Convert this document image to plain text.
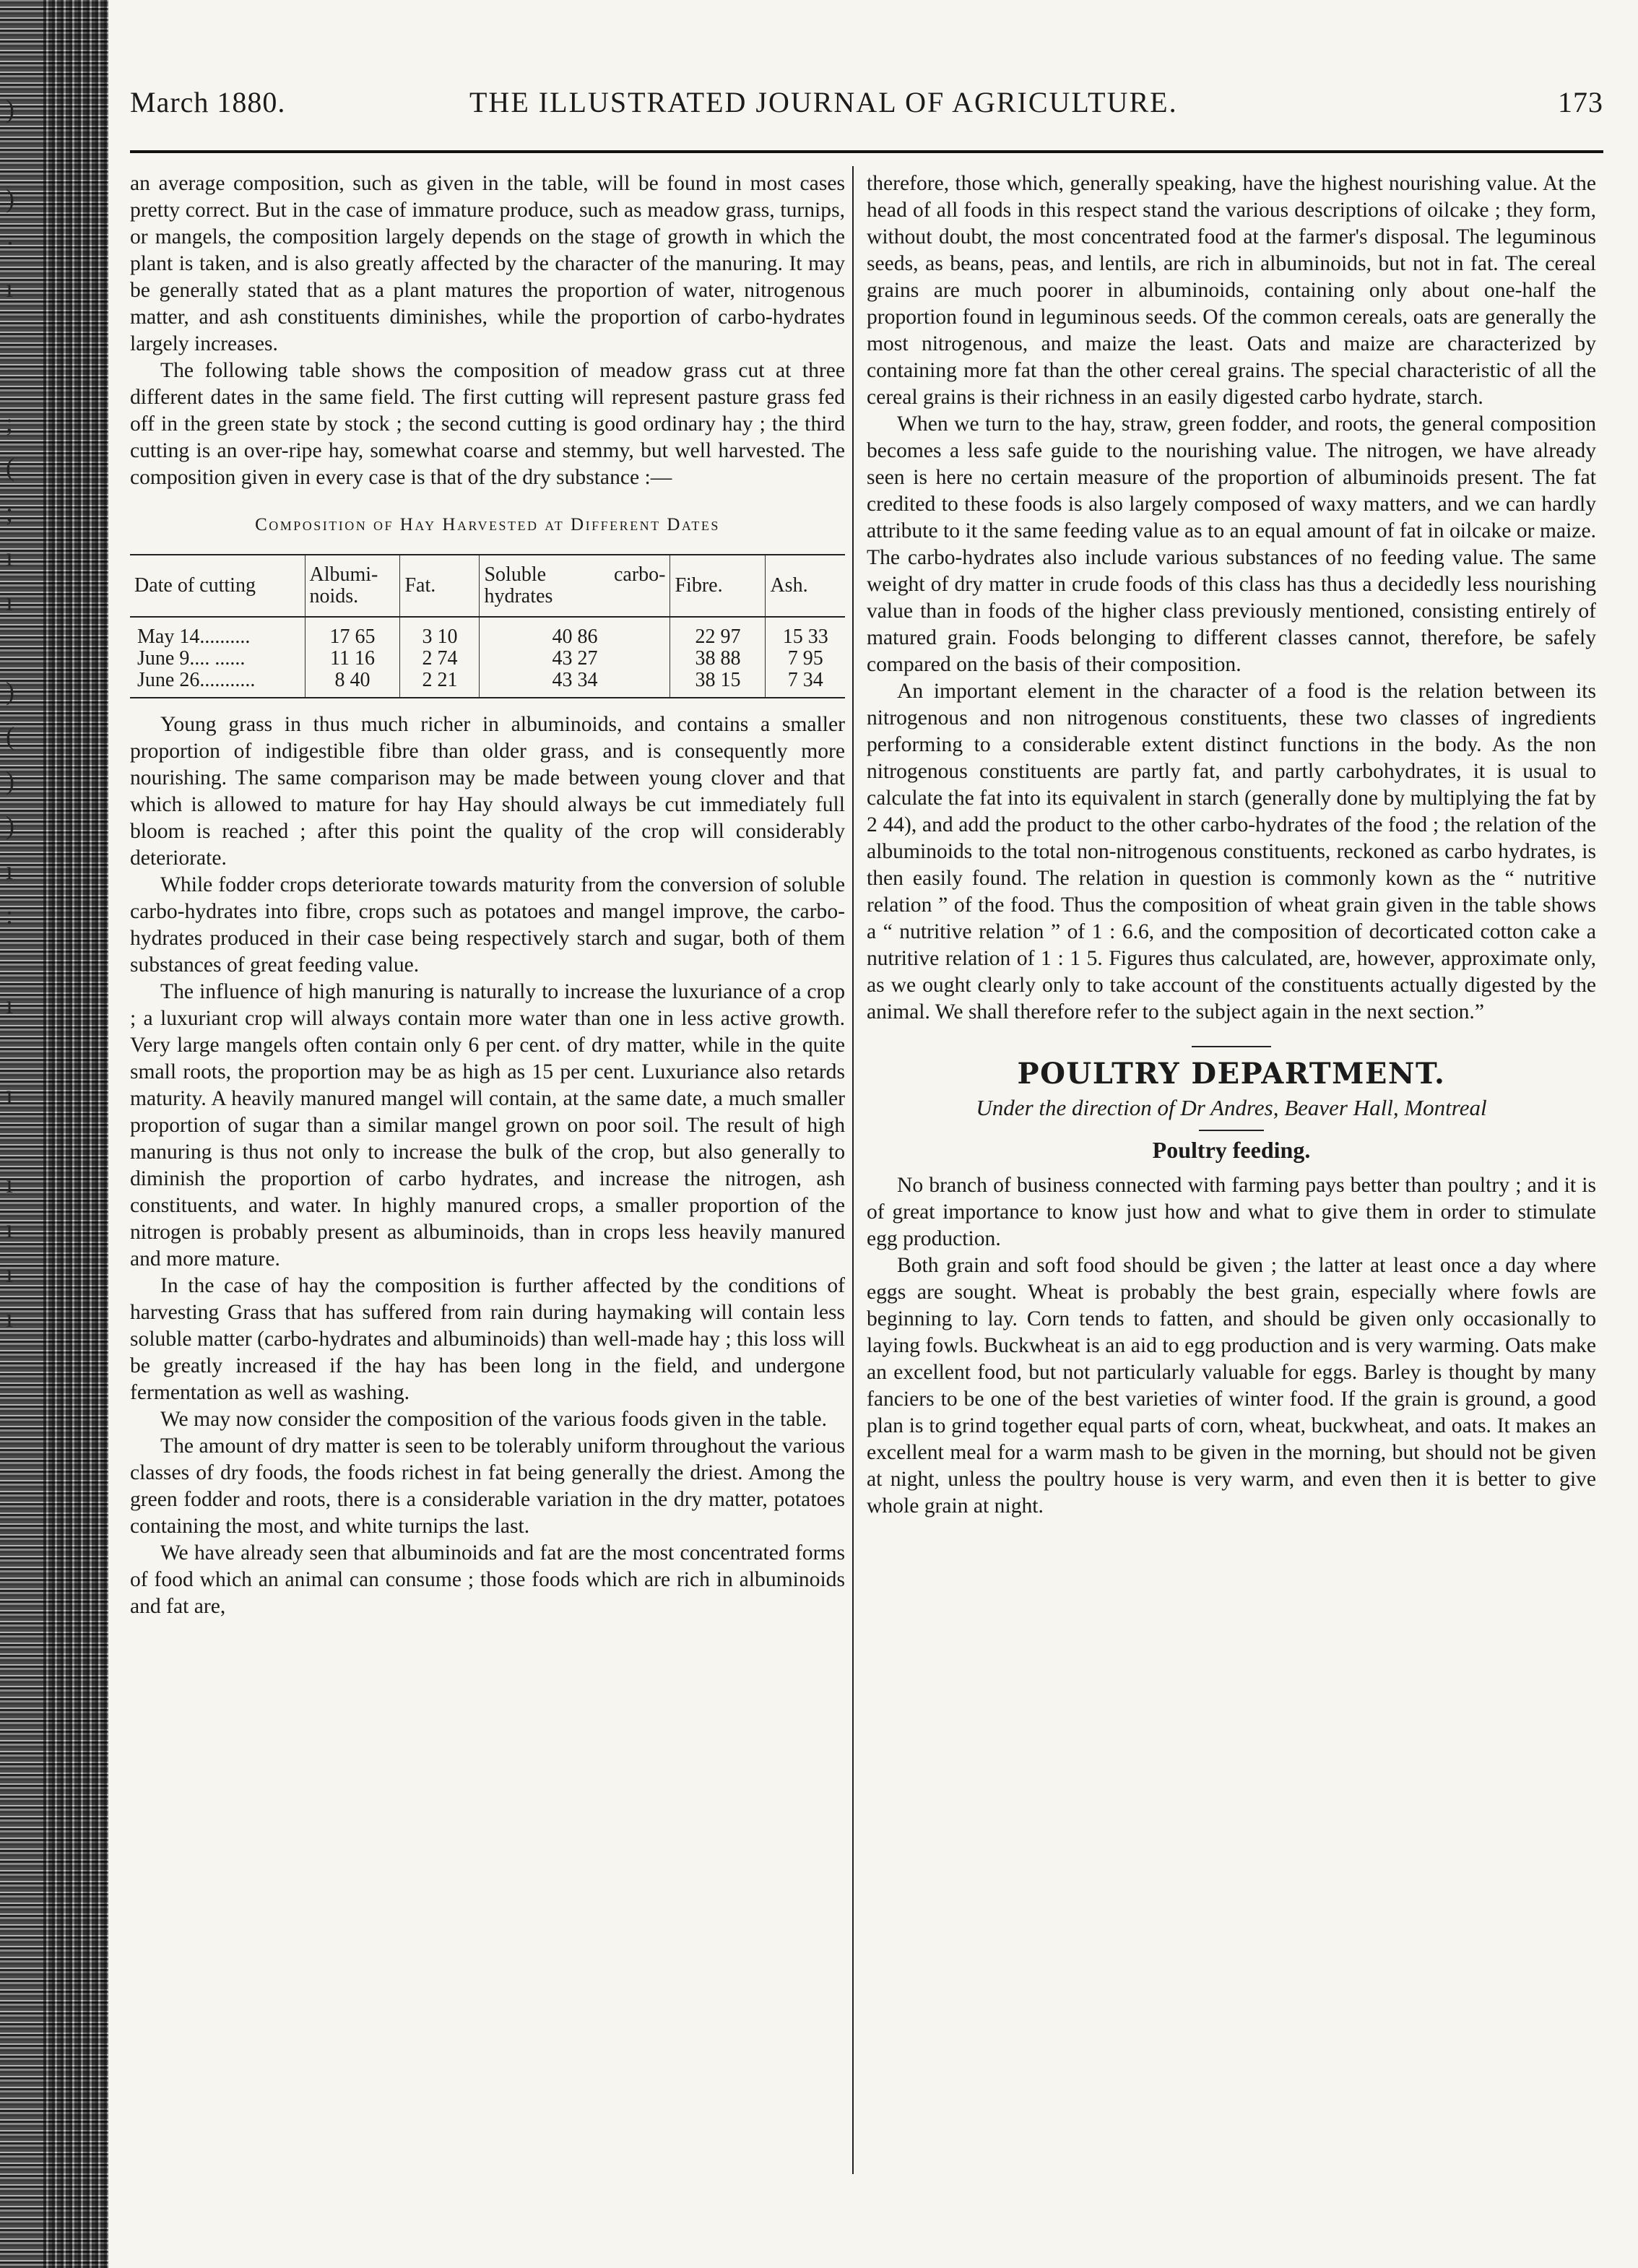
)

)
·
ı

;
(
;
ı
ı

)
(
)
)
ı
:

ı

ı

ı
ı
ı
ı
March 1880.	THE ILLUSTRATED JOURNAL OF AGRICULTURE.	173

an average composition, such as given in the table, will be found in most cases pretty correct. But in the case of immature produce, such as meadow grass, turnips, or mangels, the composition largely depends on the stage of growth in which the plant is taken, and is also greatly affected by the character of the manuring. It may be generally stated that as a plant matures the proportion of water, nitrogenous matter, and ash constituents diminishes, while the proportion of carbo-hydrates largely increases.

The following table shows the composition of meadow grass cut at three different dates in the same field. The first cutting will represent pasture grass fed off in the green state by stock ; the second cutting is good ordinary hay ; the third cutting is an over-ripe hay, somewhat coarse and stemmy, but well harvested. The composition given in every case is that of the dry substance :—

Composition of Hay Harvested at Different Dates
Date of cutting	Albumi-noids.	Fat.	Soluble carbo-hydrates	Fibre.	Ash.
May 14..........	17 65	3 10	40 86	22 97	15 33
June 9.... ......	11 16	2 74	43 27	38 88	7 95
June 26...........	8 40	2 21	43 34	38 15	7 34

Young grass in thus much richer in albuminoids, and contains a smaller proportion of indigestible fibre than older grass, and is consequently more nourishing. The same comparison may be made between young clover and that which is allowed to mature for hay Hay should always be cut immediately full bloom is reached ; after this point the quality of the crop will considerably deteriorate.

While fodder crops deteriorate towards maturity from the conversion of soluble carbo-hydrates into fibre, crops such as potatoes and mangel improve, the carbo-hydrates produced in their case being respectively starch and sugar, both of them substances of great feeding value.

The influence of high manuring is naturally to increase the luxuriance of a crop ; a luxuriant crop will always contain more water than one in less active growth. Very large mangels often contain only 6 per cent. of dry matter, while in the quite small roots, the proportion may be as high as 15 per cent. Luxuriance also retards maturity. A heavily manured mangel will contain, at the same date, a much smaller proportion of sugar than a similar mangel grown on poor soil. The result of high manuring is thus not only to increase the bulk of the crop, but also generally to diminish the proportion of carbo hydrates, and increase the nitrogen, ash constituents, and water. In highly manured crops, a smaller proportion of the nitrogen is probably present as albuminoids, than in crops less heavily manured and more mature.

In the case of hay the composition is further affected by the conditions of harvesting Grass that has suffered from rain during haymaking will contain less soluble matter (carbo-hydrates and albuminoids) than well-made hay ; this loss will be greatly increased if the hay has been long in the field, and undergone fermentation as well as washing.

We may now consider the composition of the various foods given in the table.

The amount of dry matter is seen to be tolerably uniform throughout the various classes of dry foods, the foods richest in fat being generally the driest. Among the green fodder and roots, there is a considerable variation in the dry matter, potatoes containing the most, and white turnips the last.

We have already seen that albuminoids and fat are the most concentrated forms of food which an animal can consume ; those foods which are rich in albuminoids and fat are,

therefore, those which, generally speaking, have the highest nourishing value. At the head of all foods in this respect stand the various descriptions of oilcake ; they form, without doubt, the most concentrated food at the farmer's disposal. The leguminous seeds, as beans, peas, and lentils, are rich in albuminoids, but not in fat. The cereal grains are much poorer in albuminoids, containing only about one-half the proportion found in leguminous seeds. Of the common cereals, oats are generally the most nitrogenous, and maize the least. Oats and maize are characterized by containing more fat than the other cereal grains. The special characteristic of all the cereal grains is their richness in an easily digested carbo hydrate, starch.

When we turn to the hay, straw, green fodder, and roots, the general composition becomes a less safe guide to the nourishing value. The nitrogen, we have already seen is here no certain measure of the proportion of albuminoids present. The fat credited to these foods is also largely composed of waxy matters, and we can hardly attribute to it the same feeding value as to an equal amount of fat in oilcake or maize. The carbo-hydrates also include various substances of no feeding value. The same weight of dry matter in crude foods of this class has thus a decidedly less nourishing value than in foods of the higher class previously mentioned, consisting entirely of matured grain. Foods belonging to different classes cannot, therefore, be safely compared on the basis of their composition.

An important element in the character of a food is the relation between its nitrogenous and non nitrogenous constituents, these two classes of ingredients performing to a considerable extent distinct functions in the body. As the non nitrogenous constituents are partly fat, and partly carbohydrates, it is usual to calculate the fat into its equivalent in starch (generally done by multiplying the fat by 2 44), and add the product to the other carbo-hydrates of the food ; the relation of the albuminoids to the total non-nitrogenous constituents, reckoned as carbo hydrates, is then easily found. The relation in question is commonly kown as the “ nutritive relation ” of the food. Thus the composition of wheat grain given in the table shows a “ nutritive relation ” of 1 : 6.6, and the composition of decorticated cotton cake a nutritive relation of 1 : 1 5. Figures thus calculated, are, however, approximate only, as we ought clearly only to take account of the constituents actually digested by the animal. We shall therefore refer to the subject again in the next section.”

POULTRY DEPARTMENT.
Under the direction of Dr Andres, Beaver Hall, Montreal
Poultry feeding.

No branch of business connected with farming pays better than poultry ; and it is of great importance to know just how and what to give them in order to stimulate egg production.

Both grain and soft food should be given ; the latter at least once a day where eggs are sought. Wheat is probably the best grain, especially where fowls are beginning to lay. Corn tends to fatten, and should be given only occasionally to laying fowls. Buckwheat is an aid to egg production and is very warming. Oats make an excellent food, but not particularly valuable for eggs. Barley is thought by many fanciers to be one of the best varieties of winter food. If the grain is ground, a good plan is to grind together equal parts of corn, wheat, buckwheat, and oats. It makes an excellent meal for a warm mash to be given in the morning, but should not be given at night, unless the poultry house is very warm, and even then it is better to give whole grain at night.
